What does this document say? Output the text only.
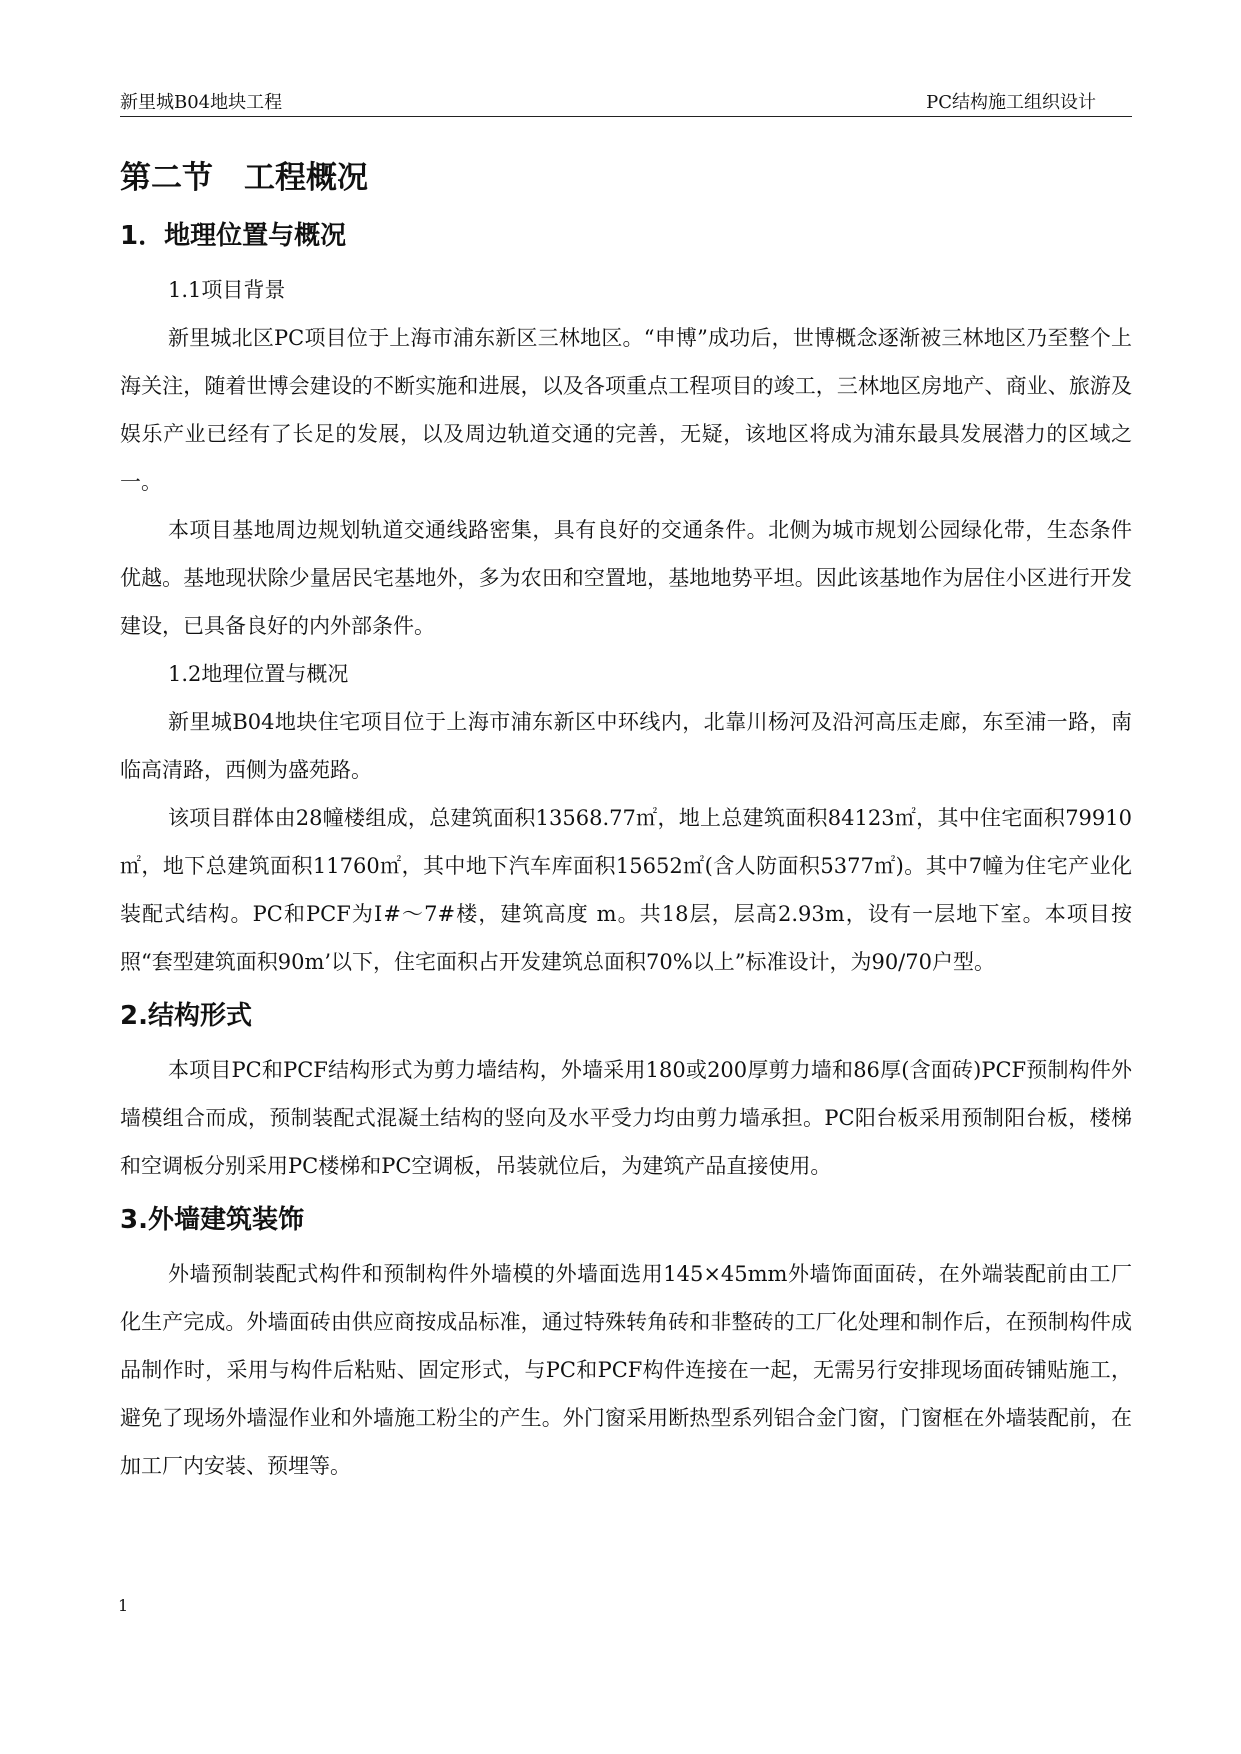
新里城B04地块工程	PC结构施工组织设计
第二节　工程概况
1．地理位置与概况
1.1项目背景

新里城北区PC项目位于上海市浦东新区三林地区。“申博”成功后，世博概念逐渐被三林地区乃至整个上海关注，随着世博会建设的不断实施和进展，以及各项重点工程项目的竣工，三林地区房地产、商业、旅游及娱乐产业已经有了长足的发展，以及周边轨道交通的完善，无疑，该地区将成为浦东最具发展潜力的区域之一。

本项目基地周边规划轨道交通线路密集，具有良好的交通条件。北侧为城市规划公园绿化带，生态条件优越。基地现状除少量居民宅基地外，多为农田和空置地，基地地势平坦。因此该基地作为居住小区进行开发建设，已具备良好的内外部条件。

1.2地理位置与概况

新里城B04地块住宅项目位于上海市浦东新区中环线内，北靠川杨河及沿河高压走廊，东至浦一路，南临高清路，西侧为盛苑路。

该项目群体由28幢楼组成，总建筑面积13568.77㎡，地上总建筑面积84123㎡，其中住宅面积79910㎡，地下总建筑面积11760㎡，其中地下汽车库面积15652㎡(含人防面积5377㎡)。其中7幢为住宅产业化装配式结构。PC和PCF为Ⅰ#～7#楼，建筑高度 m。共18层，层高2.93m，设有一层地下室。本项目按照“套型建筑面积90m’以下，住宅面积占开发建筑总面积70%以上”标准设计，为90/70户型。

2.结构形式

本项目PC和PCF结构形式为剪力墙结构，外墙采用180或200厚剪力墙和86厚(含面砖)PCF预制构件外墙模组合而成，预制装配式混凝土结构的竖向及水平受力均由剪力墙承担。PC阳台板采用预制阳台板，楼梯和空调板分别采用PC楼梯和PC空调板，吊装就位后，为建筑产品直接使用。

3.外墙建筑装饰

外墙预制装配式构件和预制构件外墙模的外墙面选用145×45mm外墙饰面面砖，在外端装配前由工厂化生产完成。外墙面砖由供应商按成品标准，通过特殊转角砖和非整砖的工厂化处理和制作后，在预制构件成品制作时，采用与构件后粘贴、固定形式，与PC和PCF构件连接在一起，无需另行安排现场面砖铺贴施工，避免了现场外墙湿作业和外墙施工粉尘的产生。外门窗采用断热型系列铝合金门窗，门窗框在外墙装配前，在加工厂内安装、预埋等。

1
